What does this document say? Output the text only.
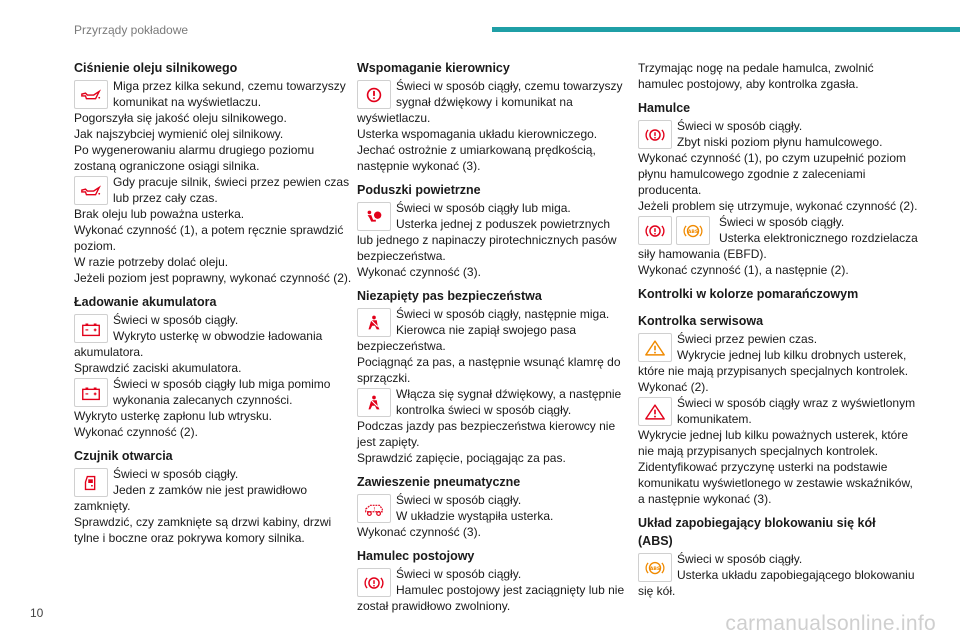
Przyrządy pokładowe
Ciśnienie oleju silnikowego
Miga przez kilka sekund, czemu towarzyszy
komunikat na wyświetlaczu.
Pogorszyła się jakość oleju silnikowego.
Jak najszybciej wymienić olej silnikowy.
Po wygenerowaniu alarmu drugiego poziomu
zostaną ograniczone osiągi silnika.
Gdy pracuje silnik, świeci przez pewien czas
lub przez cały czas.
Brak oleju lub poważna usterka.
Wykonać czynność (1), a potem ręcznie sprawdzić
poziom.
W razie potrzeby dolać oleju.
Jeżeli poziom jest poprawny, wykonać czynność (2).
Ładowanie akumulatora
Świeci w sposób ciągły.
Wykryto usterkę w obwodzie ładowania
akumulatora.
Sprawdzić zaciski akumulatora.
Świeci w sposób ciągły lub miga pomimo
wykonania zalecanych czynności.
Wykryto usterkę zapłonu lub wtrysku.
Wykonać czynność (2).
Czujnik otwarcia
Świeci w sposób ciągły.
Jeden z zamków nie jest prawidłowo
zamknięty.
Sprawdzić, czy zamknięte są drzwi kabiny, drzwi
tylne i boczne oraz pokrywa komory silnika.
Wspomaganie kierownicy
Świeci w sposób ciągły, czemu towarzyszy
sygnał dźwiękowy i komunikat na
wyświetlaczu.
Usterka wspomagania układu kierowniczego.
Jechać ostrożnie z umiarkowaną prędkością,
następnie wykonać (3).
Poduszki powietrzne
Świeci w sposób ciągły lub miga.
Usterka jednej z poduszek powietrznych
lub jednego z napinaczy pirotechnicznych pasów
bezpieczeństwa.
Wykonać czynność (3).
Niezapięty pas bezpieczeństwa
Świeci w sposób ciągły, następnie miga.
Kierowca nie zapiął swojego pasa
bezpieczeństwa.
Pociągnąć za pas, a następnie wsunąć klamrę do
sprzączki.
Włącza się sygnał dźwiękowy, a następnie
kontrolka świeci w sposób ciągły.
Podczas jazdy pas bezpieczeństwa kierowcy nie
jest zapięty.
Sprawdzić zapięcie, pociągając za pas.
Zawieszenie pneumatyczne
!
Świeci w sposób ciągły.
W układzie wystąpiła usterka.
Wykonać czynność (3).
Hamulec postojowy
Świeci w sposób ciągły.
Hamulec postojowy jest zaciągnięty lub nie
został prawidłowo zwolniony.
Trzymając nogę na pedale hamulca, zwolnić
hamulec postojowy, aby kontrolka zgasła.
Hamulce
Świeci w sposób ciągły.
Zbyt niski poziom płynu hamulcowego.
Wykonać czynność (1), po czym uzupełnić poziom
płynu hamulcowego zgodnie z zaleceniami
producenta.
Jeżeli problem się utrzymuje, wykonać czynność (2).
ABS
Świeci w sposób ciągły.
Usterka elektronicznego rozdzielacza
siły hamowania (EBFD).
Wykonać czynność (1), a następnie (2).
Kontrolki w kolorze pomarańczowym
Kontrolka serwisowa
Świeci przez pewien czas.
Wykrycie jednej lub kilku drobnych usterek,
które nie mają przypisanych specjalnych kontrolek.
Wykonać (2).
Świeci w sposób ciągły wraz z wyświetlonym
komunikatem.
Wykrycie jednej lub kilku poważnych usterek, które
nie mają przypisanych specjalnych kontrolek.
Zidentyfikować przyczynę usterki na podstawie
komunikatu wyświetlonego w zestawie wskaźników,
a następnie wykonać (3).
Układ zapobiegający blokowaniu się kół
(ABS)
ABS
Świeci w sposób ciągły.
Usterka układu zapobiegającego blokowaniu
się kół.
10	carmanualsonline.info
